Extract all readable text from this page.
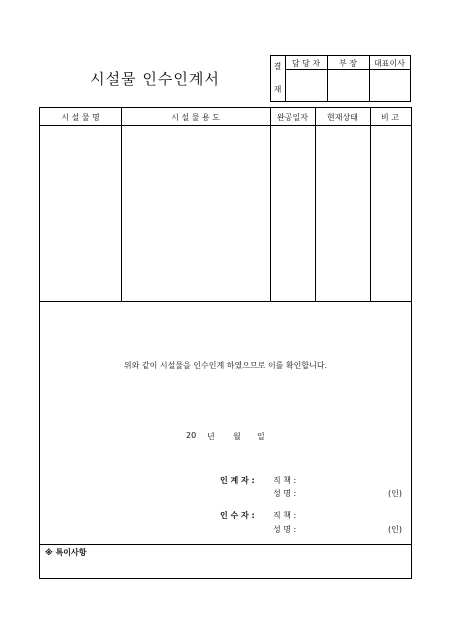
시설물 인수인계서
결
재
담 당 자	부 장	대표이사
시 설 물 명	시 설 물 용 도	완공일자	현재상태	비 고
위와 같이 시설물을 인수인계 하였으므로 이를 확인합니다.
20 년 월 일
인 계 자 : 직 책 :
성 명 :	(인)
인 수 자 : 직 책 :
성 명 :	(인)
※ 특이사항
